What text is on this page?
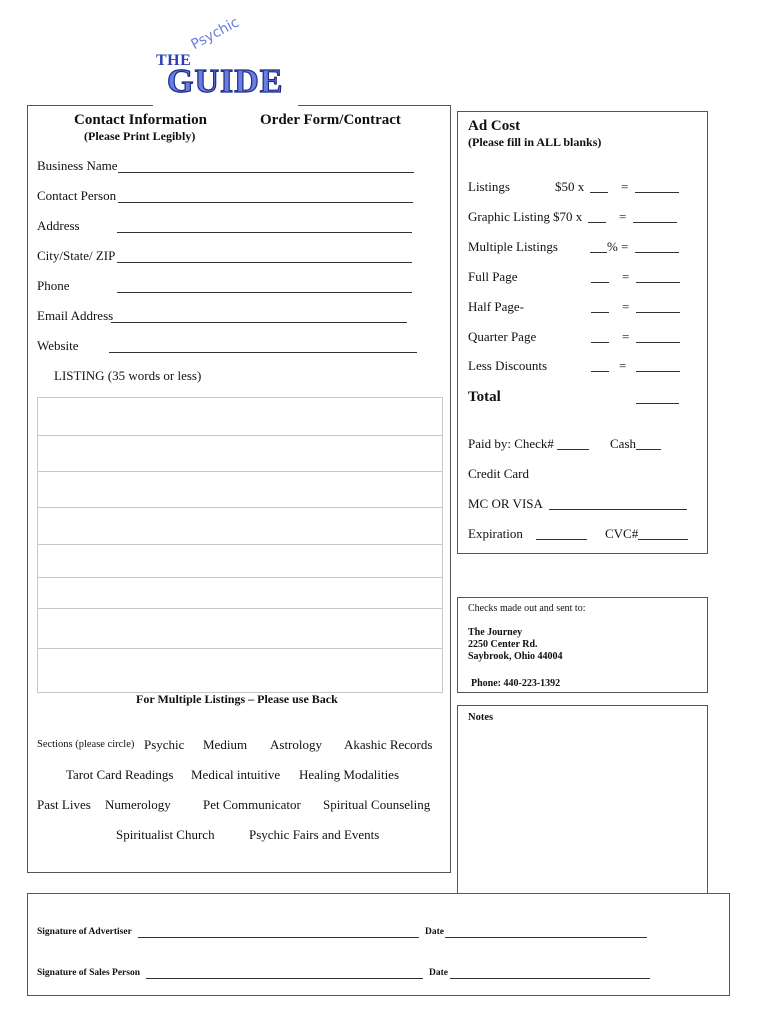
Psychic
THE
GUIDE
Contact Information
(Please Print Legibly)
Order Form/Contract
Business Name
Contact Person
Address
City/State/ ZIP
Phone
Email Address
Website
LISTING (35 words or less)
For Multiple Listings – Please use Back
Sections (please circle) Psychic Medium Astrology Akashic Records
Tarot Card Readings Medical intuitive Healing Modalities
Past Lives Numerology Pet Communicator Spiritual Counseling
Spiritualist Church	Psychic Fairs and Events
Ad Cost
(Please fill in ALL blanks)
Listings	$50 x	=
Graphic Listing $70 x	=
Multiple Listings	% =
Full Page	=
Half Page-	=
Quarter Page	=
Less Discounts	=
Total
Paid by: Check#	Cash
Credit Card
MC OR VISA
Expiration	CVC#
Checks made out and sent to:
The Journey
2250 Center Rd.
Saybrook, Ohio 44004
Phone: 440-223-1392
Notes
Signature of Advertiser	Date
Signature of Sales Person	Date
